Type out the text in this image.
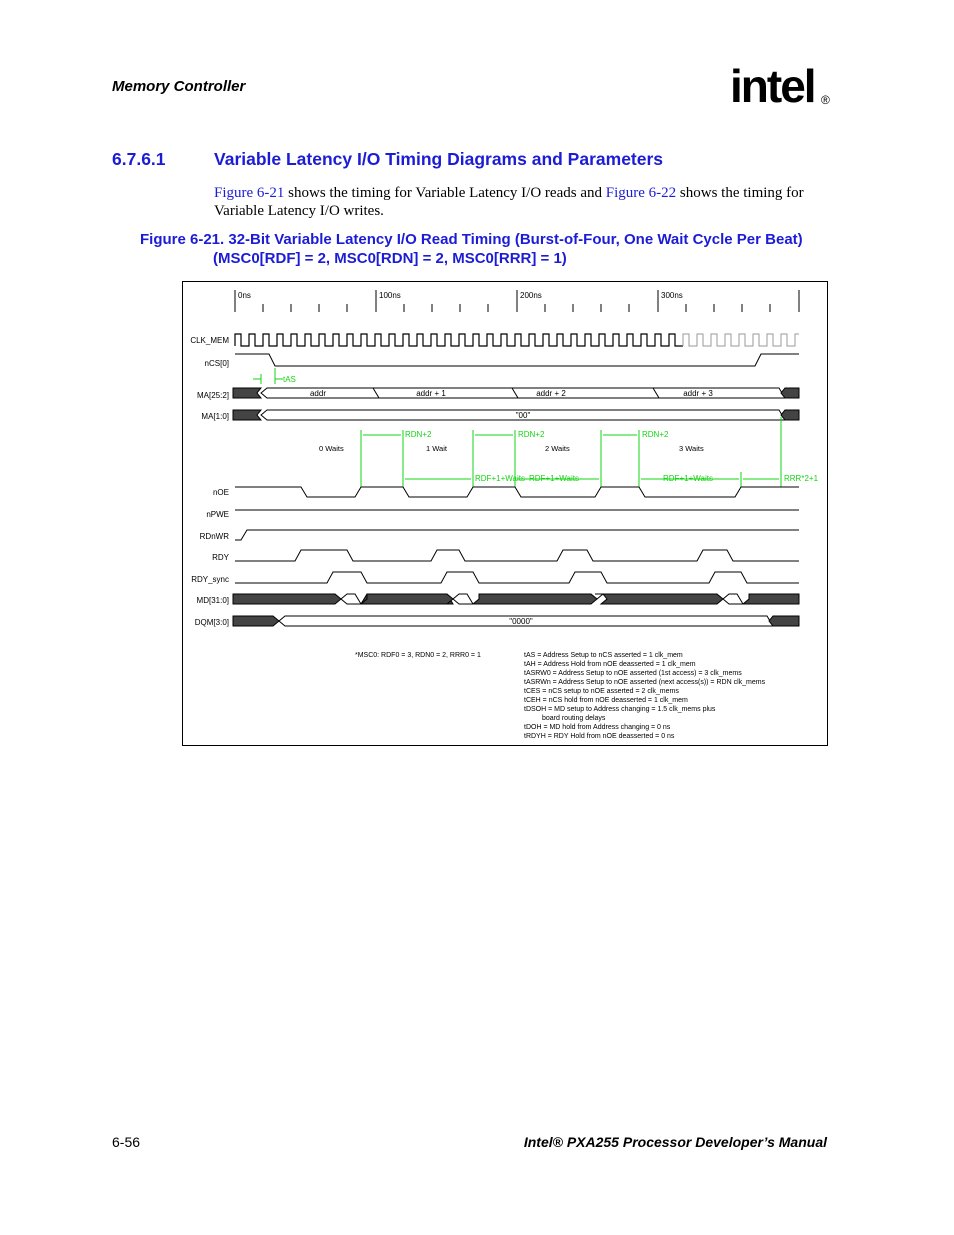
Memory Controller	intel ®
6.7.6.1	Variable Latency I/O Timing Diagrams and Parameters
Figure 6-21 shows the timing for Variable Latency I/O reads and Figure 6-22 shows the timing for Variable Latency I/O writes.
Figure 6-21. 32-Bit Variable Latency I/O Read Timing (Burst-of-Four, One Wait Cycle Per Beat)
(MSC0[RDF] = 2, MSC0[RDN] = 2, MSC0[RRR] = 1)
0ns	100ns	200ns	300ns
CLK_MEM
nCS[0]
MA[25:2]
MA[1:0]
nOE
nPWE
RDnWR
RDY
RDY_sync
MD[31:0]
DQM[3:0]
tAS
addr	addr + 1	addr + 2	addr + 3
"00"
RDN+2	RDN+2	RDN+2
RDF+1+Waits RDF+1+Waits	RDF+1+Waits	RRR*2+1
0 Waits	1 Wait	2 Waits	3 Waits
"0000"
*MSC0: RDF0 = 3, RDN0 = 2, RRR0 = 1	tAS = Address Setup to nCS asserted = 1 clk_mem
tAH = Address Hold from nOE deasserted = 1 clk_mem
tASRW0 = Address Setup to nOE asserted (1st access) = 3 clk_mems
tASRWn = Address Setup to nOE asserted (next access(s)) = RDN clk_mems
tCES = nCS setup to nOE asserted = 2 clk_mems
tCEH = nCS hold from nOE deasserted = 1 clk_mem
tDSOH = MD setup to Address changing = 1.5 clk_mems plus
board routing delays
tDOH = MD hold from Address changing = 0 ns
tRDYH = RDY Hold from nOE deasserted = 0 ns
6-56	Intel® PXA255 Processor Developer’s Manual
